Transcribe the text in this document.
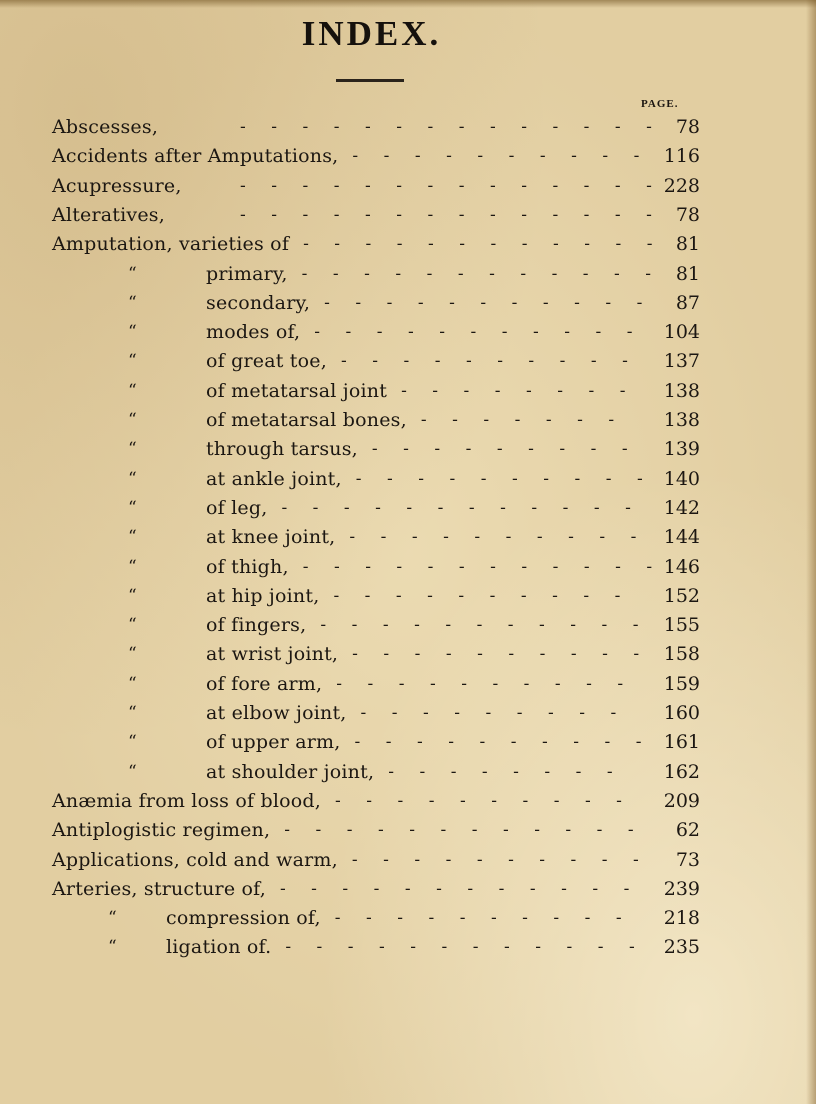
INDEX.
PAGE.
Abscesses,	78
-  -  -  -  -  -  -  -  -  -  -  -  -  -
Accidents after Amputations,	116
-  -  -  -  -  -  -  -  -  -
Acupressure,	228
-  -  -  -  -  -  -  -  -  -  -  -  -  -
Alteratives,	78
-  -  -  -  -  -  -  -  -  -  -  -  -  -
Amputation, varieties of	81
-  -  -  -  -  -  -  -  -  -  -  -
“	primary,	81
-  -  -  -  -  -  -  -  -  -  -  -
“	secondary,	87
-  -  -  -  -  -  -  -  -  -  -
“	modes of,	104
-  -  -  -  -  -  -  -  -  -  -
“	of great toe,	137
-  -  -  -  -  -  -  -  -  -
“	of metatarsal joint	138
-  -  -  -  -  -  -  -
“	of metatarsal bones,	138
-  -  -  -  -  -  -
“	through tarsus,	139
-  -  -  -  -  -  -  -  -
“	at ankle joint,	140
-  -  -  -  -  -  -  -  -  -
“	of leg,	142
-  -  -  -  -  -  -  -  -  -  -  -
“	at knee joint,	144
-  -  -  -  -  -  -  -  -  -
“	of thigh,	146
-  -  -  -  -  -  -  -  -  -  -  -
“	at hip joint,	152
-  -  -  -  -  -  -  -  -  -
“	of fingers,	155
-  -  -  -  -  -  -  -  -  -  -
“	at wrist joint,	158
-  -  -  -  -  -  -  -  -  -
“	of fore arm,	159
-  -  -  -  -  -  -  -  -  -
“	at elbow joint,	160
-  -  -  -  -  -  -  -  -
“	of upper arm,	161
-  -  -  -  -  -  -  -  -  -
“	at shoulder joint,	162
-  -  -  -  -  -  -  -
Anæmia from loss of blood,	209
-  -  -  -  -  -  -  -  -  -
Antiplogistic regimen,	62
-  -  -  -  -  -  -  -  -  -  -  -
Applications, cold and warm,	73
-  -  -  -  -  -  -  -  -  -
Arteries, structure of,	239
-  -  -  -  -  -  -  -  -  -  -  -
“	compression of,	218
-  -  -  -  -  -  -  -  -  -
“	ligation of.	235
-  -  -  -  -  -  -  -  -  -  -  -
